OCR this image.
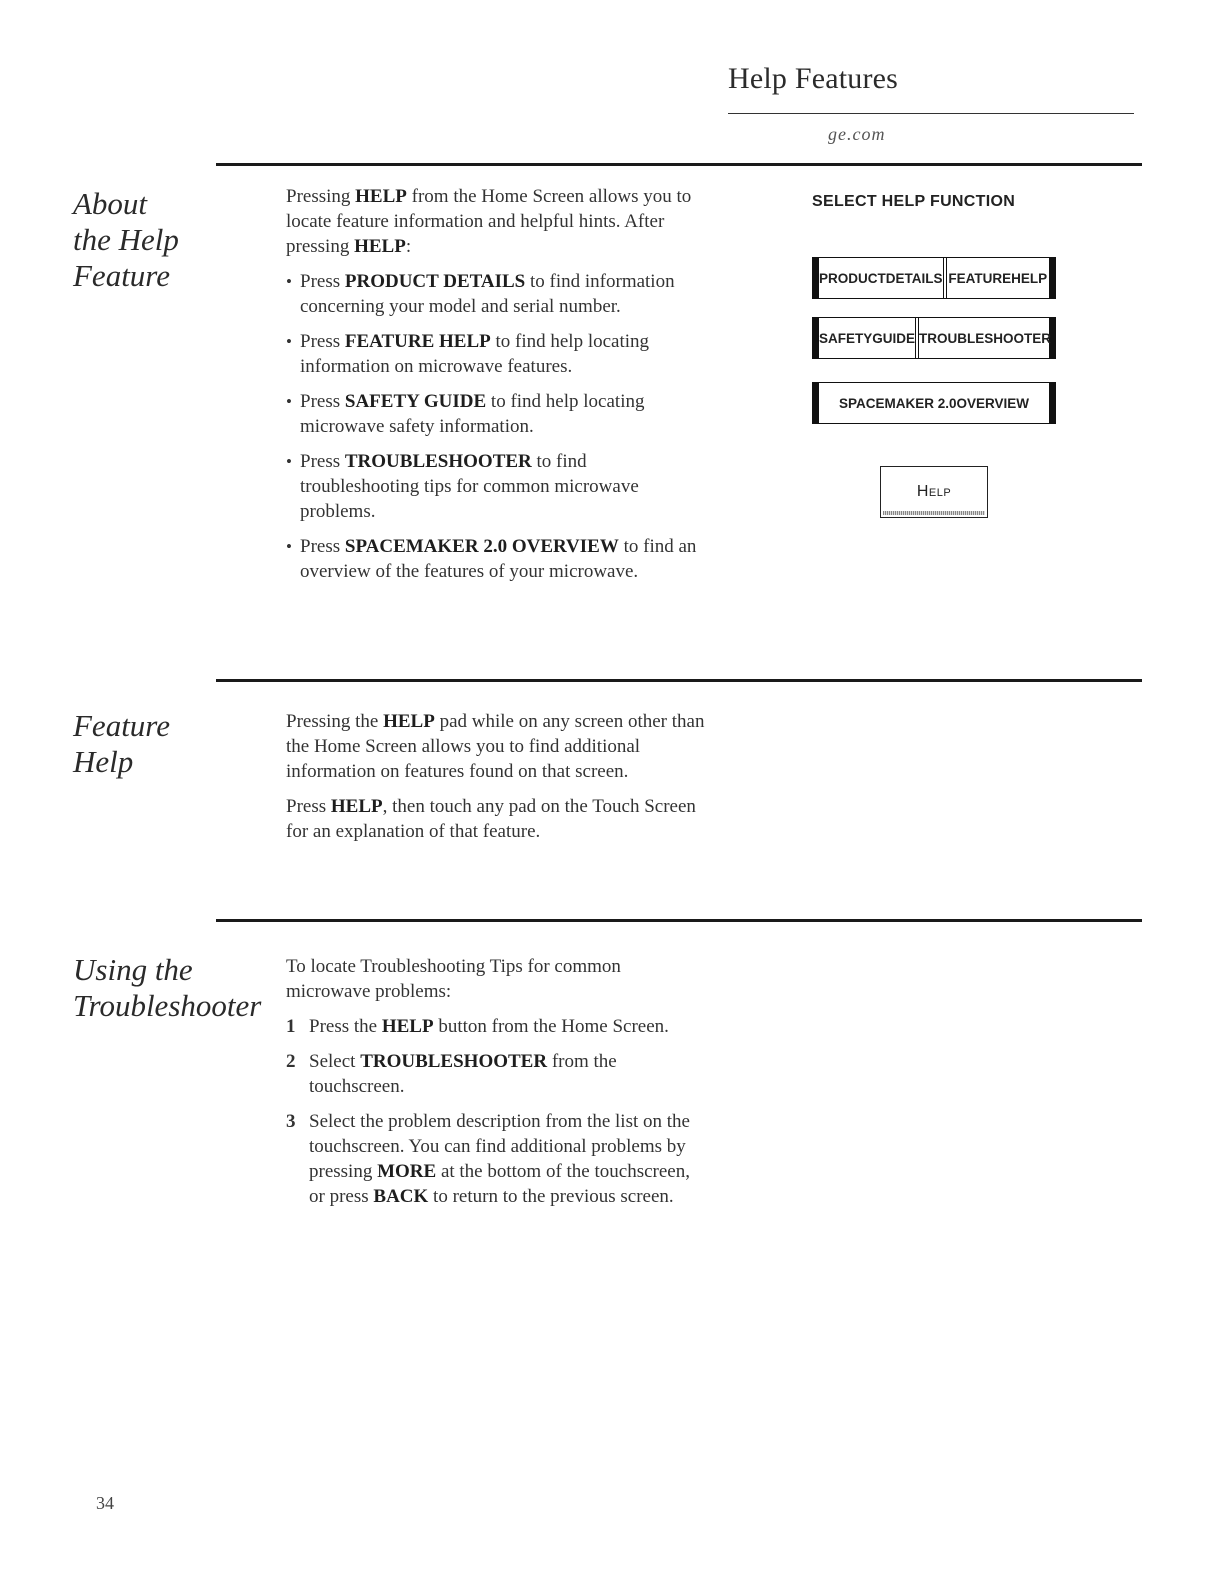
Help Features
ge.com
About
the Help
Feature

Pressing HELP from the Home Screen allows you to locate feature information and helpful hints. After pressing HELP:

• Press PRODUCT DETAILS to find information concerning your model and serial number.
• Press FEATURE HELP to find help locating information on microwave features.
• Press SAFETY GUIDE to find help locating microwave safety information.
• Press TROUBLESHOOTER to find troubleshooting tips for common microwave problems.
• Press SPACEMAKER 2.0 OVERVIEW to find an overview of the features of your microwave.
SELECT HELP FUNCTION
PRODUCT DETAILS FEATURE HELP
SAFETY GUIDE TROUBLE SHOOTER
SPACEMAKER 2.0 OVERVIEW
Help
Feature
Help

Pressing the HELP pad while on any screen other than the Home Screen allows you to find additional information on features found on that screen.

Press HELP, then touch any pad on the Touch Screen for an explanation of that feature.

Using the
Troubleshooter

To locate Troubleshooting Tips for common microwave problems:

1 Press the HELP button from the Home Screen.
2 Select TROUBLESHOOTER from the touchscreen.
3 Select the problem description from the list on the touchscreen. You can find additional problems by pressing MORE at the bottom of the touchscreen, or press BACK to return to the previous screen.
34
